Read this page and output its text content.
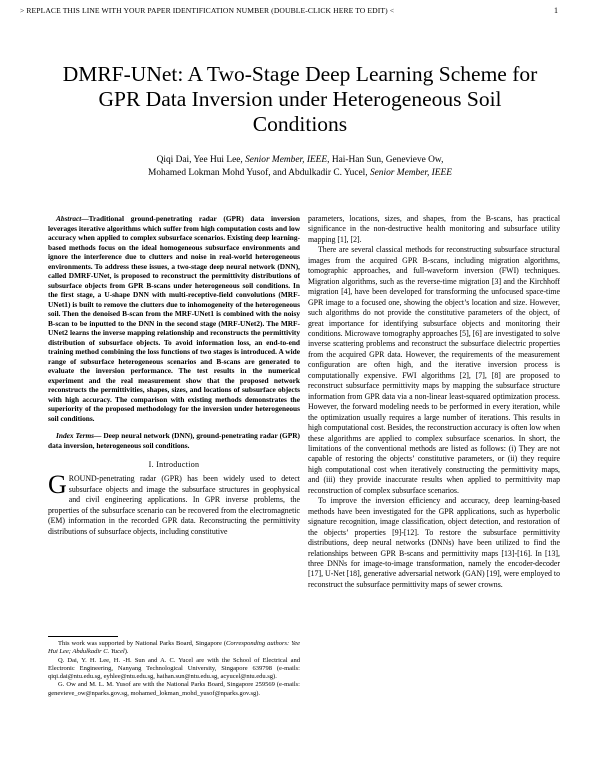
> REPLACE THIS LINE WITH YOUR PAPER IDENTIFICATION NUMBER (DOUBLE-CLICK HERE TO EDIT) <	1
DMRF-UNet: A Two-Stage Deep Learning Scheme for GPR Data Inversion under Heterogeneous Soil Conditions
Qiqi Dai, Yee Hui Lee, Senior Member, IEEE, Hai-Han Sun, Genevieve Ow,
Mohamed Lokman Mohd Yusof, and Abdulkadir C. Yucel, Senior Member, IEEE

Abstract—Traditional ground-penetrating radar (GPR) data inversion leverages iterative algorithms which suffer from high computation costs and low accuracy when applied to complex subsurface scenarios. Existing deep learning-based methods focus on the ideal homogeneous subsurface environments and ignore the interference due to clutters and noise in real-world heterogeneous environments. To address these issues, a two-stage deep neural network (DNN), called DMRF-UNet, is proposed to reconstruct the permittivity distributions of subsurface objects from GPR B-scans under heterogeneous soil conditions. In the first stage, a U-shape DNN with multi-receptive-field convolutions (MRF-UNet1) is built to remove the clutters due to inhomogeneity of the heterogeneous soil. Then the denoised B-scan from the MRF-UNet1 is combined with the noisy B-scan to be inputted to the DNN in the second stage (MRF-UNet2). The MRF-UNet2 learns the inverse mapping relationship and reconstructs the permittivity distribution of subsurface objects. To avoid information loss, an end-to-end training method combining the loss functions of two stages is introduced. A wide range of subsurface heterogeneous scenarios and B-scans are generated to evaluate the inversion performance. The test results in the numerical experiment and the real measurement show that the proposed network reconstructs the permittivities, shapes, sizes, and locations of subsurface objects with high accuracy. The comparison with existing methods demonstrates the superiority of the proposed methodology for the inversion under heterogeneous soil conditions.

Index Terms— Deep neural network (DNN), ground-penetrating radar (GPR) data inversion, heterogeneous soil conditions.

I. Introduction

GROUND-penetrating radar (GPR) has been widely used to detect subsurface objects and image the subsurface structures in geophysical and civil engineering applications. In GPR inverse problems, the properties of the subsurface scenario can be recovered from the electromagnetic (EM) information in the recorded GPR data. Reconstructing the permittivity distributions of subsurface objects, including constitutive

This work was supported by National Parks Board, Singapore (Corresponding authors: Yee Hui Lee; Abdulkadir C. Yucel).

Q. Dai, Y. H. Lee, H. -H. Sun and A. C. Yucel are with the School of Electrical and Electronic Engineering, Nanyang Technological University, Singapore 639798 (e-mails: qiqi.dai@ntu.edu.sg, eyhlee@ntu.edu.sg, haihan.sun@ntu.edu.sg, acyucel@ntu.edu.sg).

G. Ow and M. L. M. Yusof are with the National Parks Board, Singapore 259569 (e-mails: genevieve_ow@nparks.gov.sg, mohamed_lokman_mohd_yusof@nparks.gov.sg).

parameters, locations, sizes, and shapes, from the B-scans, has practical significance in the non-destructive health monitoring and subsurface utility mapping [1], [2].

There are several classical methods for reconstructing subsurface structural images from the acquired GPR B-scans, including migration algorithms, tomographic approaches, and full-waveform inversion (FWI) techniques. Migration algorithms, such as the reverse-time migration [3] and the Kirchhoff migration [4], have been developed for transforming the unfocused space-time GPR image to a focused one, showing the object’s location and size. However, such algorithms do not provide the constitutive parameters of the object, of great importance for identifying subsurface objects and monitoring their conditions. Microwave tomography approaches [5], [6] are investigated to solve inverse scattering problems and reconstruct the subsurface dielectric properties from the acquired GPR data. However, the requirements of the measurement configuration are often high, and the iterative inversion process is computationally expensive. FWI algorithms [2], [7], [8] are proposed to reconstruct subsurface permittivity maps by mapping the subsurface structure information from GPR data via a non-linear least-squared optimization process. However, the forward modeling needs to be performed in every iteration, while the optimization usually requires a large number of iterations. This results in high computational cost. Besides, the reconstruction accuracy is often low when these algorithms are applied to complex subsurface scenarios. In short, the limitations of the conventional methods are listed as follows: (i) They are not capable of restoring the objects’ constitutive parameters, or (ii) they require high computational cost when iteratively constructing the permittivity maps, and (iii) they provide inaccurate results when applied to permittivity map reconstruction of complex subsurface scenarios.

To improve the inversion efficiency and accuracy, deep learning-based methods have been investigated for the GPR applications, such as hyperbolic signature recognition, image classification, object detection, and restoration of the objects’ properties [9]-[12]. To restore the subsurface permittivity distributions, deep neural networks (DNNs) have been utilized to find the relationships between GPR B-scans and permittivity maps [13]-[16]. In [13], three DNNs for image-to-image transformation, namely the encoder-decoder [17], U-Net [18], generative adversarial network (GAN) [19], were employed to reconstruct the subsurface permittivity maps of sewer crowns.
